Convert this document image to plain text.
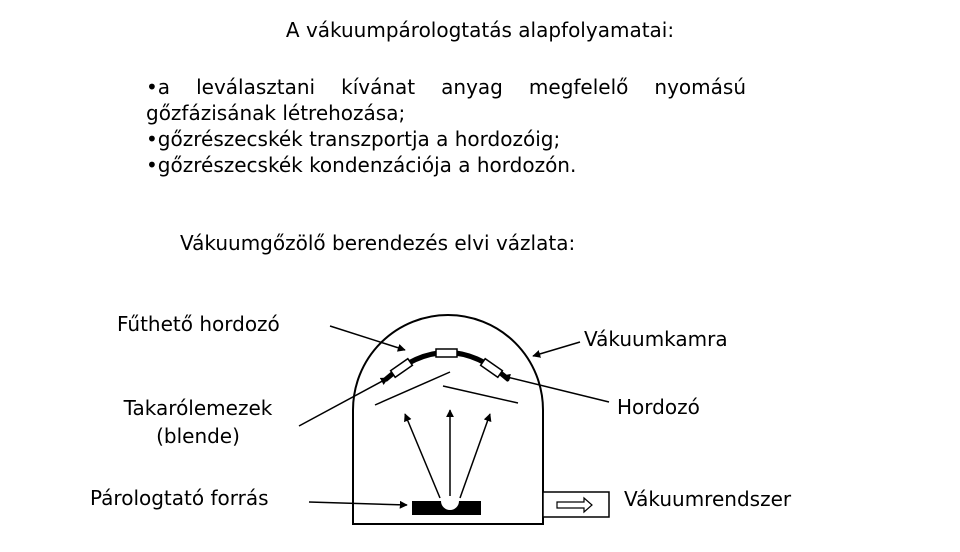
A vákuumpárologtatás alapfolyamatai:
•a leválasztani kívánat anyag megfelelő nyomású
gőzfázisának létrehozása;
•gőzrészecskék transzportja a hordozóig;
•gőzrészecskék kondenzációja a hordozón.
Vákuumgőzölő berendezés elvi vázlata:
Fűthető hordozó
Vákuumkamra
Takarólemezek
(blende)
Hordozó
Párologtató forrás	Vákuumrendszer
